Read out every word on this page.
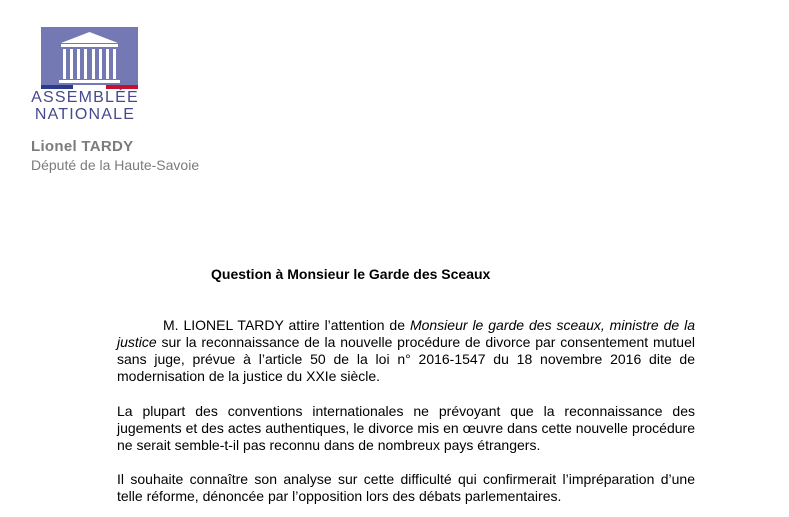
ASSEMBLÉE
NATIONALE
Lionel TARDY
Député de la Haute-Savoie
Question à Monsieur le Garde des Sceaux
M. LIONEL TARDY attire l’attention de Monsieur le garde des sceaux, ministre de la justice sur la reconnaissance de la nouvelle procédure de divorce par consentement mutuel sans juge, prévue à l’article 50 de la loi n° 2016-1547 du 18 novembre 2016 dite de modernisation de la justice du XXIe siècle.
La plupart des conventions internationales ne prévoyant que la reconnaissance des jugements et des actes authentiques, le divorce mis en œuvre dans cette nouvelle procédure ne serait semble-t-il pas reconnu dans de nombreux pays étrangers.
Il souhaite connaître son analyse sur cette difficulté qui confirmerait l’impréparation d’une telle réforme, dénoncée par l’opposition lors des débats parlementaires.
